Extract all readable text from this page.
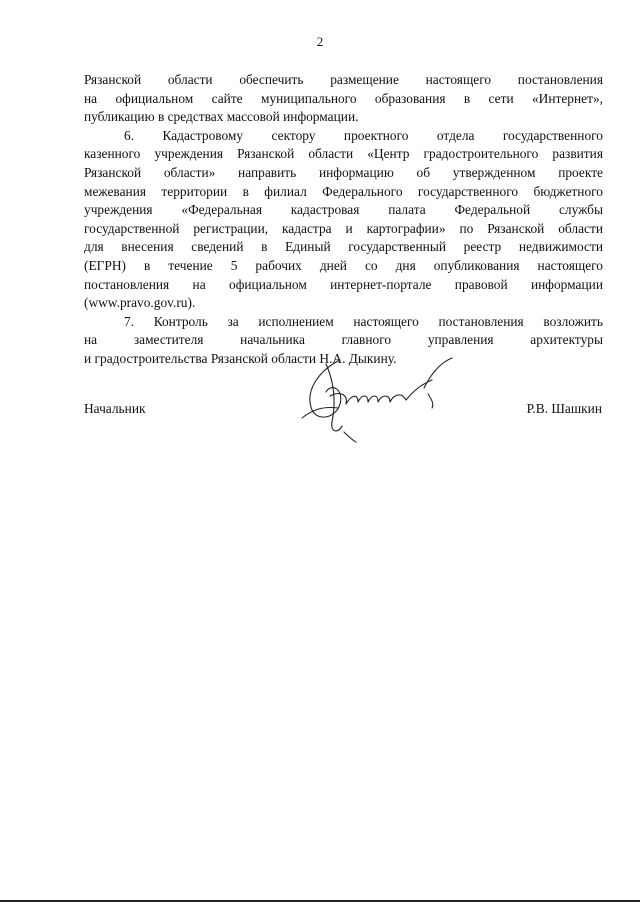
2
Рязанской области обеспечить размещение настоящего постановления
на официальном сайте муниципального образования в сети «Интернет»,
публикацию в средствах массовой информации.
6. Кадастровому сектору проектного отдела государственного
казенного учреждения Рязанской области «Центр градостроительного развития
Рязанской области» направить информацию об утвержденном проекте
межевания территории в филиал Федерального государственного бюджетного
учреждения «Федеральная кадастровая палата Федеральной службы
государственной регистрации, кадастра и картографии» по Рязанской области
для внесения сведений в Единый государственный реестр недвижимости
(ЕГРН) в течение 5 рабочих дней со дня опубликования настоящего
постановления на официальном интернет-портале правовой информации
(www.pravo.gov.ru).
7. Контроль за исполнением настоящего постановления возложить
на заместителя начальника главного управления архитектуры
и градостроительства Рязанской области Н.А. Дыкину.
Начальник	Р.В. Шашкин
